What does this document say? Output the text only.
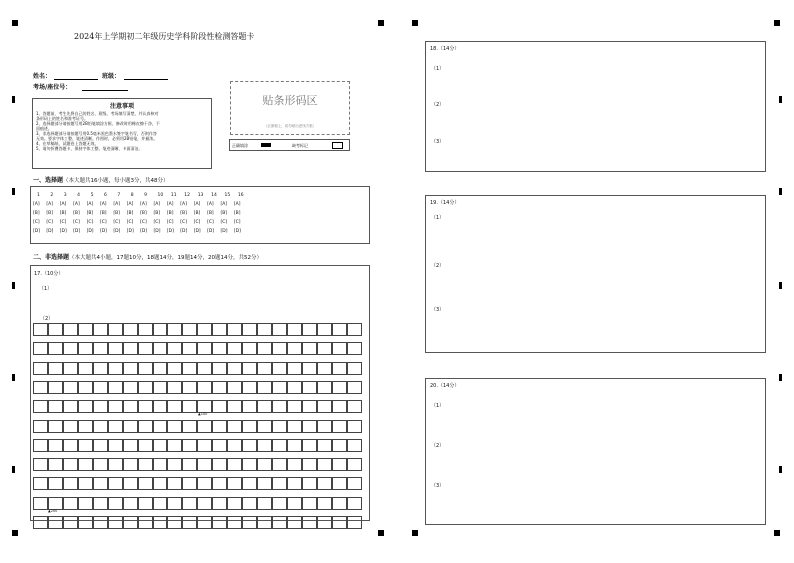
2024年上学期初二年级历史学科阶段性检测答题卡
姓名：	班级：
考场/座位号：
注意事项
1、答题前，考生先将自己的姓名、班级、考场填写清楚，并认真核对
条形码上的姓名和准考证号。
2、选择题部分请按题号用2B铅笔填涂方框，修改时用橡皮擦干净，不
留痕迹。
3、非选择题部分请按题号用0.5毫米黑色墨水签字笔书写，否则作答
无效。要求字体工整、笔迹清晰。作图时，必须用2B铅笔，并描浓。
4、在草稿纸、试题卷上答题无效。
5、请勿折叠答题卡，保持字体工整、笔迹清晰、卡面清洁。
贴条形码区
（正面朝上，切勿贴出虚线方框）
正确填涂	缺考标记
一、选择题（本大题共16小题，每小题3分，共48分）
1	2	3	4	5	6	7	8	9	10	11	12	13	14	15	16
[A]	[A]	[A]	[A]	[A]	[A]	[A]	[A]	[A]	[A]	[A]	[A]	[A]	[A]	[A]	[A]
[B]	[B]	[B]	[B]	[B]	[B]	[B]	[B]	[B]	[B]	[B]	[B]	[B]	[B]	[B]	[B]
[C]	[C]	[C]	[C]	[C]	[C]	[C]	[C]	[C]	[C]	[C]	[C]	[C]	[C]	[C]	[C]
[D]	[D]	[D]	[D]	[D]	[D]	[D]	[D]	[D]	[D]	[D]	[D]	[D]	[D]	[D]	[D]
二、非选择题（本大题共4小题，17题10分，18题14分，19题14分，20题14分，共52分）
17.（10分）
（1）
（2）
▲100
▲200
18.（14分）
（1）
（2）
（3）
19.（14分）
（1）
（2）
（3）
20.（14分）
（1）
（2）
（3）
